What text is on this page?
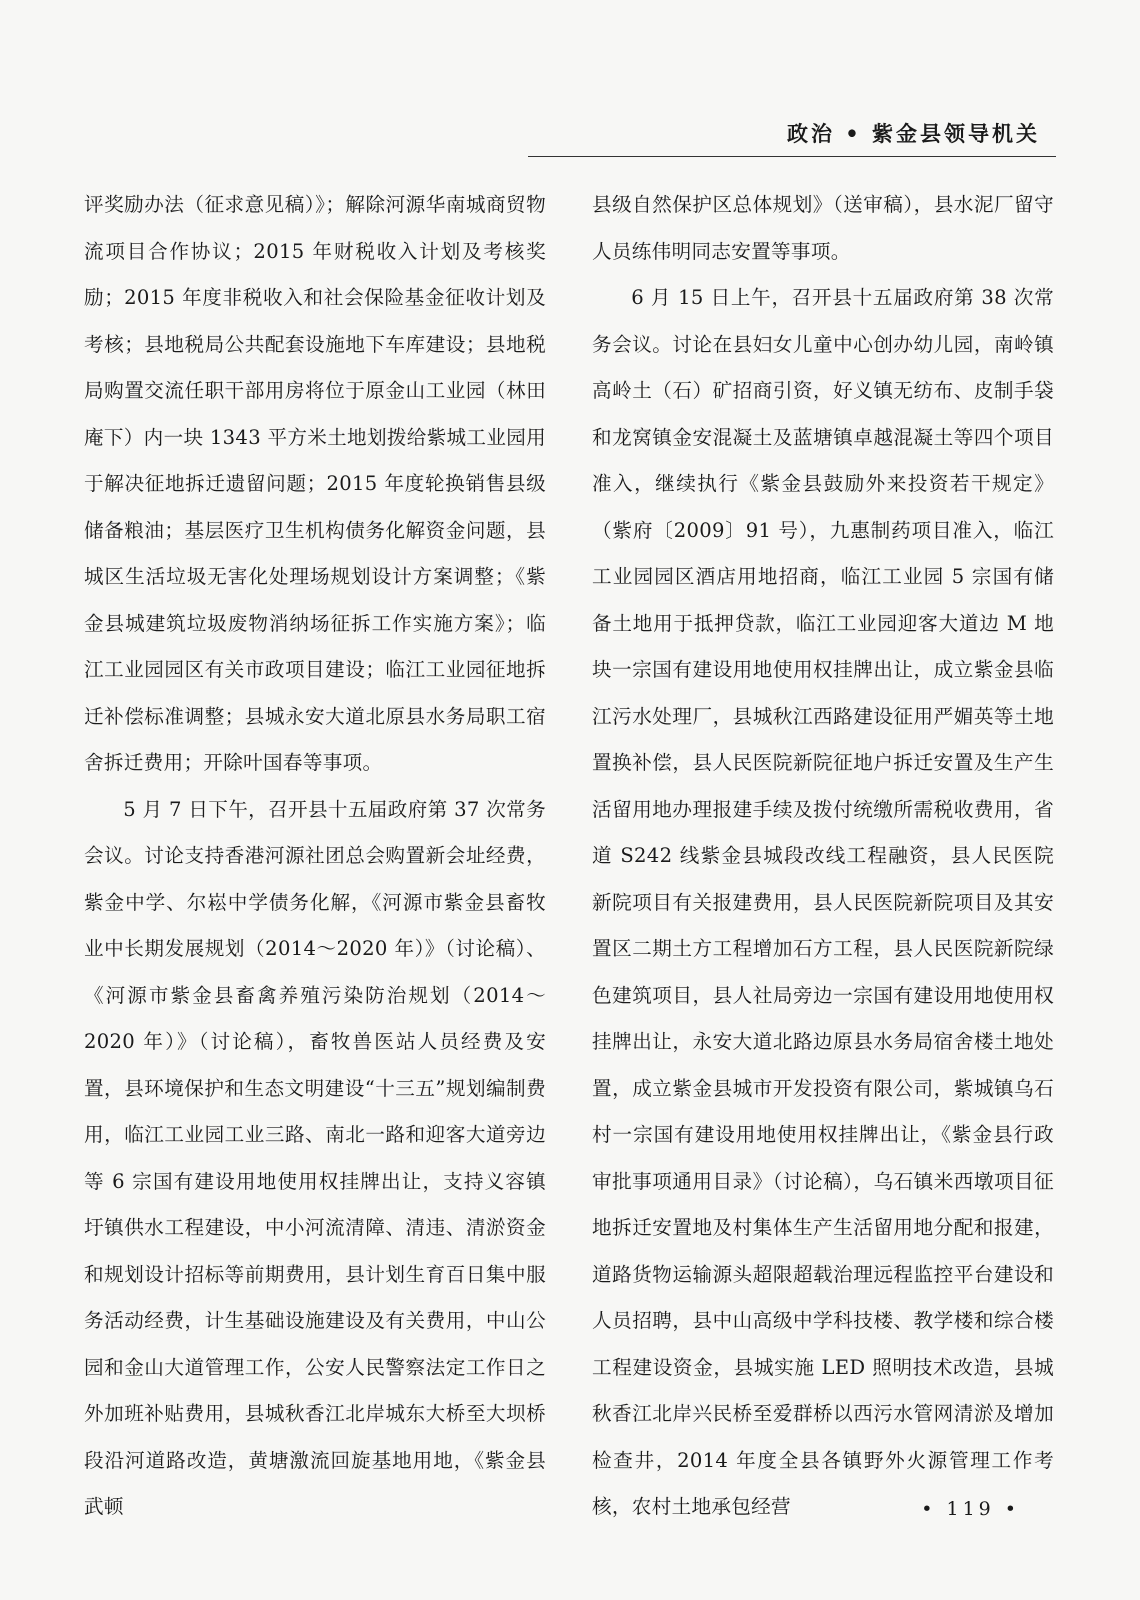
政治 • 紫金县领导机关

评奖励办法（征求意见稿）》；解除河源华南城商贸物流项目合作协议；2015 年财税收入计划及考核奖励；2015 年度非税收入和社会保险基金征收计划及考核；县地税局公共配套设施地下车库建设；县地税局购置交流任职干部用房将位于原金山工业园（林田庵下）内一块 1343 平方米土地划拨给紫城工业园用于解决征地拆迁遗留问题；2015 年度轮换销售县级储备粮油；基层医疗卫生机构债务化解资金问题，县城区生活垃圾无害化处理场规划设计方案调整；《紫金县城建筑垃圾废物消纳场征拆工作实施方案》；临江工业园园区有关市政项目建设；临江工业园征地拆迁补偿标准调整；县城永安大道北原县水务局职工宿舍拆迁费用；开除叶国春等事项。

5 月 7 日下午，召开县十五届政府第 37 次常务会议。讨论支持香港河源社团总会购置新会址经费，紫金中学、尔崧中学债务化解，《河源市紫金县畜牧业中长期发展规划（2014～2020 年）》（讨论稿）、《河源市紫金县畜禽养殖污染防治规划（2014～2020 年）》（讨论稿），畜牧兽医站人员经费及安置，县环境保护和生态文明建设“十三五”规划编制费用，临江工业园工业三路、南北一路和迎客大道旁边等 6 宗国有建设用地使用权挂牌出让，支持义容镇圩镇供水工程建设，中小河流清障、清违、清淤资金和规划设计招标等前期费用，县计划生育百日集中服务活动经费，计生基础设施建设及有关费用，中山公园和金山大道管理工作，公安人民警察法定工作日之外加班补贴费用，县城秋香江北岸城东大桥至大坝桥段沿河道路改造，黄塘激流回旋基地用地，《紫金县武顿

县级自然保护区总体规划》（送审稿），县水泥厂留守人员练伟明同志安置等事项。

6 月 15 日上午，召开县十五届政府第 38 次常务会议。讨论在县妇女儿童中心创办幼儿园，南岭镇高岭土（石）矿招商引资，好义镇无纺布、皮制手袋和龙窝镇金安混凝土及蓝塘镇卓越混凝土等四个项目准入，继续执行《紫金县鼓励外来投资若干规定》（紫府〔2009〕91 号），九惠制药项目准入，临江工业园园区酒店用地招商，临江工业园 5 宗国有储备土地用于抵押贷款，临江工业园迎客大道边 M 地块一宗国有建设用地使用权挂牌出让，成立紫金县临江污水处理厂，县城秋江西路建设征用严媚英等土地置换补偿，县人民医院新院征地户拆迁安置及生产生活留用地办理报建手续及拨付统缴所需税收费用，省道 S242 线紫金县城段改线工程融资，县人民医院新院项目有关报建费用，县人民医院新院项目及其安置区二期土方工程增加石方工程，县人民医院新院绿色建筑项目，县人社局旁边一宗国有建设用地使用权挂牌出让，永安大道北路边原县水务局宿舍楼土地处置，成立紫金县城市开发投资有限公司，紫城镇乌石村一宗国有建设用地使用权挂牌出让，《紫金县行政审批事项通用目录》（讨论稿），乌石镇米西墩项目征地拆迁安置地及村集体生产生活留用地分配和报建，道路货物运输源头超限超载治理远程监控平台建设和人员招聘，县中山高级中学科技楼、教学楼和综合楼工程建设资金，县城实施 LED 照明技术改造，县城秋香江北岸兴民桥至爱群桥以西污水管网清淤及增加检查井，2014 年度全县各镇野外火源管理工作考核，农村土地承包经营	• 119 •
